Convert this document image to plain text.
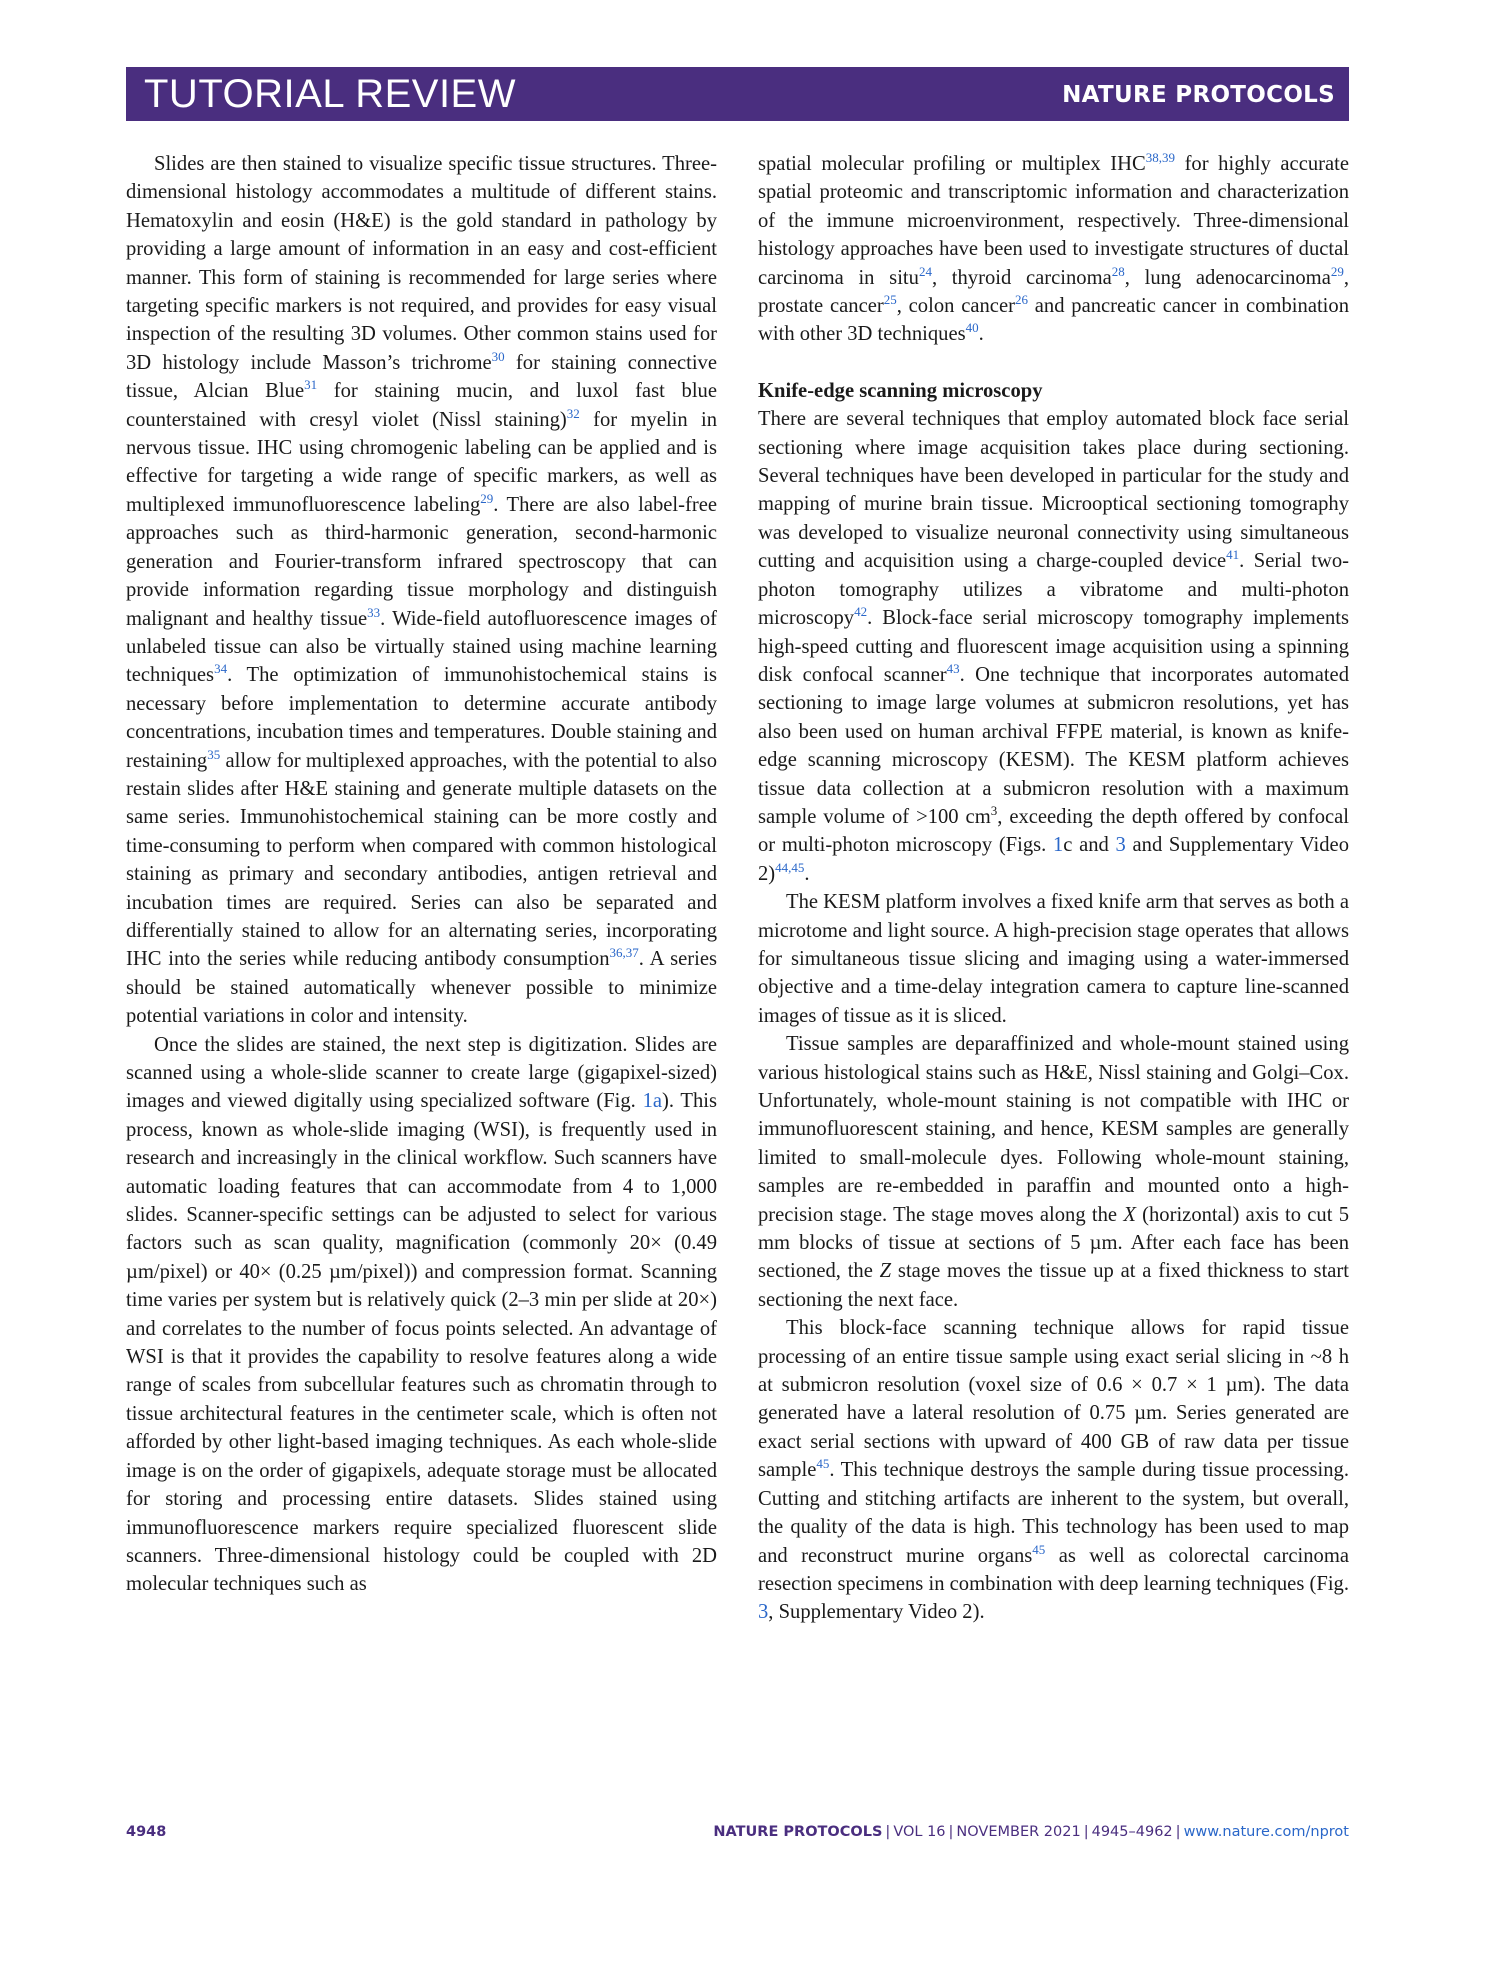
TUTORIAL REVIEW	NATURE PROTOCOLS

Slides are then stained to visualize specific tissue structures. Three-dimensional histology accommodates a multitude of different stains. Hematoxylin and eosin (H&E) is the gold standard in pathology by providing a large amount of information in an easy and cost-efficient manner. This form of staining is recommended for large series where targeting specific markers is not required, and provides for easy visual inspection of the resulting 3D volumes. Other common stains used for 3D histology include Masson’s trichrome$^{30}$ for staining connective tissue, Alcian Blue$^{31}$ for staining mucin, and luxol fast blue counterstained with cresyl violet (Nissl staining)$^{32}$ for myelin in nervous tissue. IHC using chromogenic labeling can be applied and is effective for targeting a wide range of specific markers, as well as multiplexed immunofluorescence labeling$^{29}$. There are also label-free approaches such as third-harmonic generation, second-harmonic generation and Fourier-transform infrared spectroscopy that can provide information regarding tissue morphology and distinguish malignant and healthy tissue$^{33}$. Wide-field autofluorescence images of unlabeled tissue can also be virtually stained using machine learning techniques$^{34}$. The optimization of immunohistochemical stains is necessary before implementation to determine accurate antibody concentrations, incubation times and temperatures. Double staining and restaining$^{35}$ allow for multiplexed approaches, with the potential to also restain slides after H&E staining and generate multiple datasets on the same series. Immunohistochemical staining can be more costly and time-consuming to perform when compared with common histological staining as primary and secondary antibodies, antigen retrieval and incubation times are required. Series can also be separated and differentially stained to allow for an alternating series, incorporating IHC into the series while reducing antibody consumption$^{36,37}$. A series should be stained automatically whenever possible to minimize potential variations in color and intensity.

Once the slides are stained, the next step is digitization. Slides are scanned using a whole-slide scanner to create large (gigapixel-sized) images and viewed digitally using specialized software (Fig. 1a). This process, known as whole-slide imaging (WSI), is frequently used in research and increasingly in the clinical workflow. Such scanners have automatic loading features that can accommodate from 4 to 1,000 slides. Scanner-specific settings can be adjusted to select for various factors such as scan quality, magnification (commonly 20× (0.49 µm/pixel) or 40× (0.25 µm/pixel)) and compression format. Scanning time varies per system but is relatively quick (2–3 min per slide at 20×) and correlates to the number of focus points selected. An advantage of WSI is that it provides the capability to resolve features along a wide range of scales from subcellular features such as chromatin through to tissue architectural features in the centimeter scale, which is often not afforded by other light-based imaging techniques. As each whole-slide image is on the order of gigapixels, adequate storage must be allocated for storing and processing entire datasets. Slides stained using immunofluorescence markers require specialized fluorescent slide scanners. Three-dimensional histology could be coupled with 2D molecular techniques such as

spatial molecular profiling or multiplex IHC$^{38,39}$ for highly accurate spatial proteomic and transcriptomic information and characterization of the immune microenvironment, respectively. Three-dimensional histology approaches have been used to investigate structures of ductal carcinoma in situ$^{24}$, thyroid carcinoma$^{28}$, lung adenocarcinoma$^{29}$, prostate cancer$^{25}$, colon cancer$^{26}$ and pancreatic cancer in combination with other 3D techniques$^{40}$.

Knife-edge scanning microscopy

There are several techniques that employ automated block face serial sectioning where image acquisition takes place during sectioning. Several techniques have been developed in particular for the study and mapping of murine brain tissue. Microoptical sectioning tomography was developed to visualize neuronal connectivity using simultaneous cutting and acquisition using a charge-coupled device$^{41}$. Serial two-photon tomography utilizes a vibratome and multi-photon microscopy$^{42}$. Block-face serial microscopy tomography implements high-speed cutting and fluorescent image acquisition using a spinning disk confocal scanner$^{43}$. One technique that incorporates automated sectioning to image large volumes at submicron resolutions, yet has also been used on human archival FFPE material, is known as knife-edge scanning microscopy (KESM). The KESM platform achieves tissue data collection at a submicron resolution with a maximum sample volume of >100 $cm^3$, exceeding the depth offered by confocal or multi-photon microscopy (Figs. 1c and 3 and Supplementary Video 2)$^{44,45}$.

The KESM platform involves a fixed knife arm that serves as both a microtome and light source. A high-precision stage operates that allows for simultaneous tissue slicing and imaging using a water-immersed objective and a time-delay integration camera to capture line-scanned images of tissue as it is sliced.

Tissue samples are deparaffinized and whole-mount stained using various histological stains such as H&E, Nissl staining and Golgi–Cox. Unfortunately, whole-mount staining is not compatible with IHC or immunofluorescent staining, and hence, KESM samples are generally limited to small-molecule dyes. Following whole-mount staining, samples are re-embedded in paraffin and mounted onto a high-precision stage. The stage moves along the X (horizontal) axis to cut 5 mm blocks of tissue at sections of 5 µm. After each face has been sectioned, the Z stage moves the tissue up at a fixed thickness to start sectioning the next face.

This block-face scanning technique allows for rapid tissue processing of an entire tissue sample using exact serial slicing in ~8 h at submicron resolution (voxel size of 0.6 × 0.7 × 1 µm). The data generated have a lateral resolution of 0.75 µm. Series generated are exact serial sections with upward of 400 GB of raw data per tissue sample$^{45}$. This technique destroys the sample during tissue processing. Cutting and stitching artifacts are inherent to the system, but overall, the quality of the data is high. This technology has been used to map and reconstruct murine organs$^{45}$ as well as colorectal carcinoma resection specimens in combination with deep learning techniques (Fig. 3, Supplementary Video 2).

4948	NATURE PROTOCOLS | VOL 16 | NOVEMBER 2021 | 4945–4962 | www.nature.com/nprot
